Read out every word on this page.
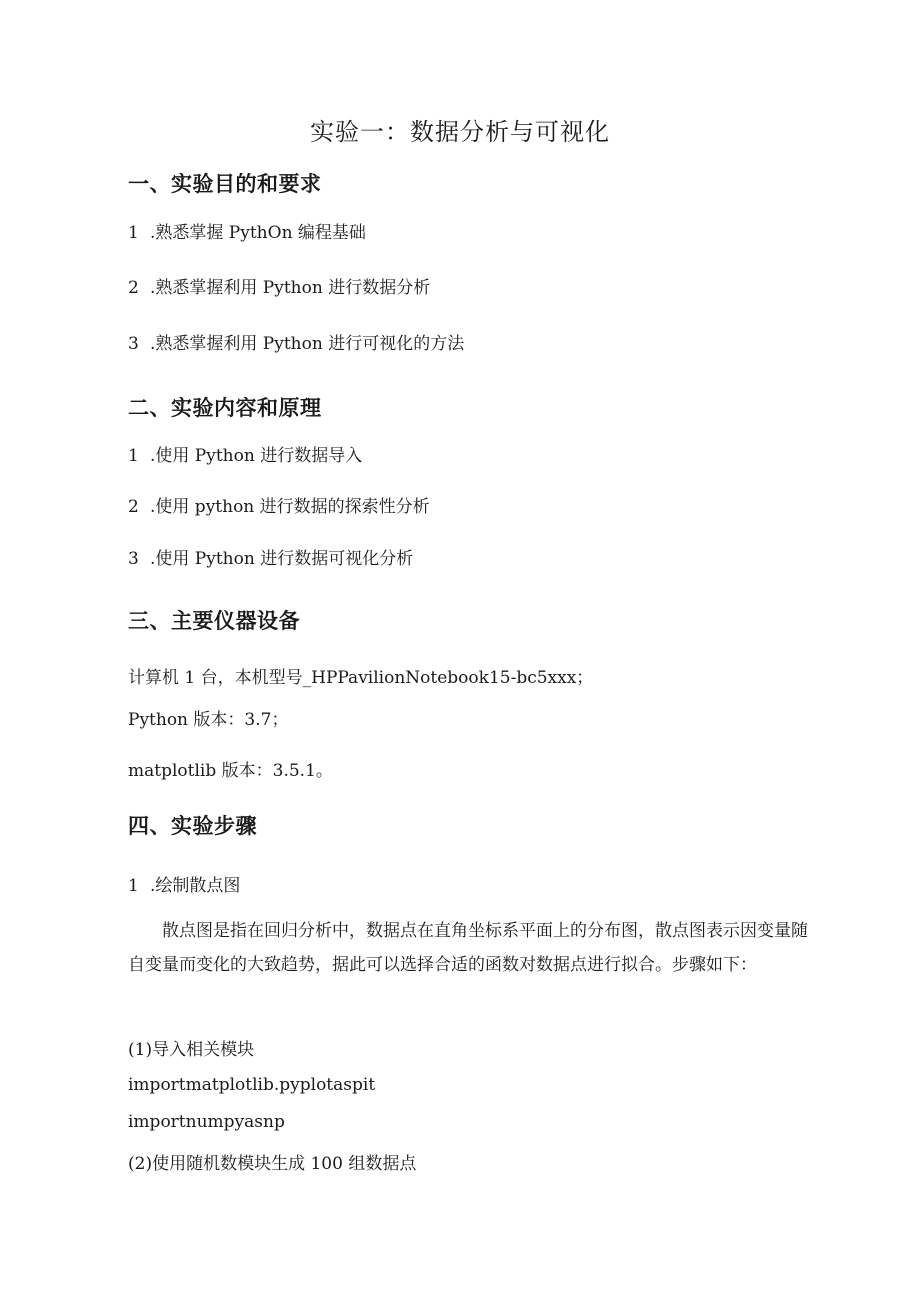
实验一：数据分析与可视化
一、实验目的和要求
1 .熟悉掌握 PythOn 编程基础
2 .熟悉掌握利用 Python 进行数据分析
3 .熟悉掌握利用 Python 进行可视化的方法
二、实验内容和原理
1 .使用 Python 进行数据导入
2 .使用 python 进行数据的探索性分析
3 .使用 Python 进行数据可视化分析
三、主要仪器设备
计算机 1 台，本机型号_HPPavilionNotebook15-bc5xxx；
Python 版本：3.7；
matplotlib 版本：3.5.1。
四、实验步骤
1 .绘制散点图
散点图是指在回归分析中，数据点在直角坐标系平面上的分布图，散点图表示因变量随自变量而变化的大致趋势，据此可以选择合适的函数对数据点进行拟合。步骤如下：
(1)导入相关模块
importmatplotlib.pyplotaspit
importnumpyasnp
(2)使用随机数模块生成 100 组数据点
